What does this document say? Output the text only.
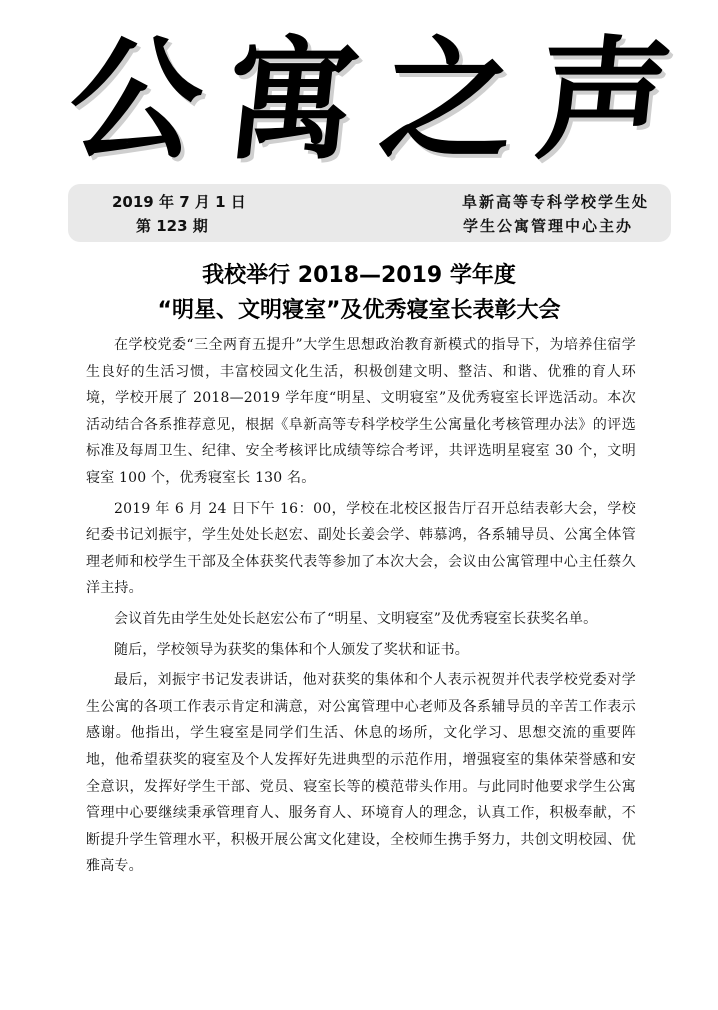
公 寓 之 声
2019 年 7 月 1 日
第 123 期
阜新高等专科学校学生处
学生公寓管理中心主办
我校举行 2018—2019 学年度
“明星、文明寝室”及优秀寝室长表彰大会

在学校党委“三全两育五提升”大学生思想政治教育新模式的指导下，为培养住宿学生良好的生活习惯，丰富校园文化生活，积极创建文明、整洁、和谐、优雅的育人环境，学校开展了 2018—2019 学年度“明星、文明寝室”及优秀寝室长评选活动。本次活动结合各系推荐意见，根据《阜新高等专科学校学生公寓量化考核管理办法》的评选标准及每周卫生、纪律、安全考核评比成绩等综合考评，共评选明星寝室 30 个，文明寝室 100 个，优秀寝室长 130 名。

2019 年 6 月 24 日下午 16：00，学校在北校区报告厅召开总结表彰大会，学校纪委书记刘振宇，学生处处长赵宏、副处长姜会学、韩慕鸿，各系辅导员、公寓全体管理老师和校学生干部及全体获奖代表等参加了本次大会，会议由公寓管理中心主任蔡久洋主持。

会议首先由学生处处长赵宏公布了“明星、文明寝室”及优秀寝室长获奖名单。

随后，学校领导为获奖的集体和个人颁发了奖状和证书。

最后，刘振宇书记发表讲话，他对获奖的集体和个人表示祝贺并代表学校党委对学生公寓的各项工作表示肯定和满意，对公寓管理中心老师及各系辅导员的辛苦工作表示感谢。他指出，学生寝室是同学们生活、休息的场所，文化学习、思想交流的重要阵地，他希望获奖的寝室及个人发挥好先进典型的示范作用，增强寝室的集体荣誉感和安全意识，发挥好学生干部、党员、寝室长等的模范带头作用。与此同时他要求学生公寓管理中心要继续秉承管理育人、服务育人、环境育人的理念，认真工作，积极奉献，不断提升学生管理水平，积极开展公寓文化建设，全校师生携手努力，共创文明校园、优雅高专。
